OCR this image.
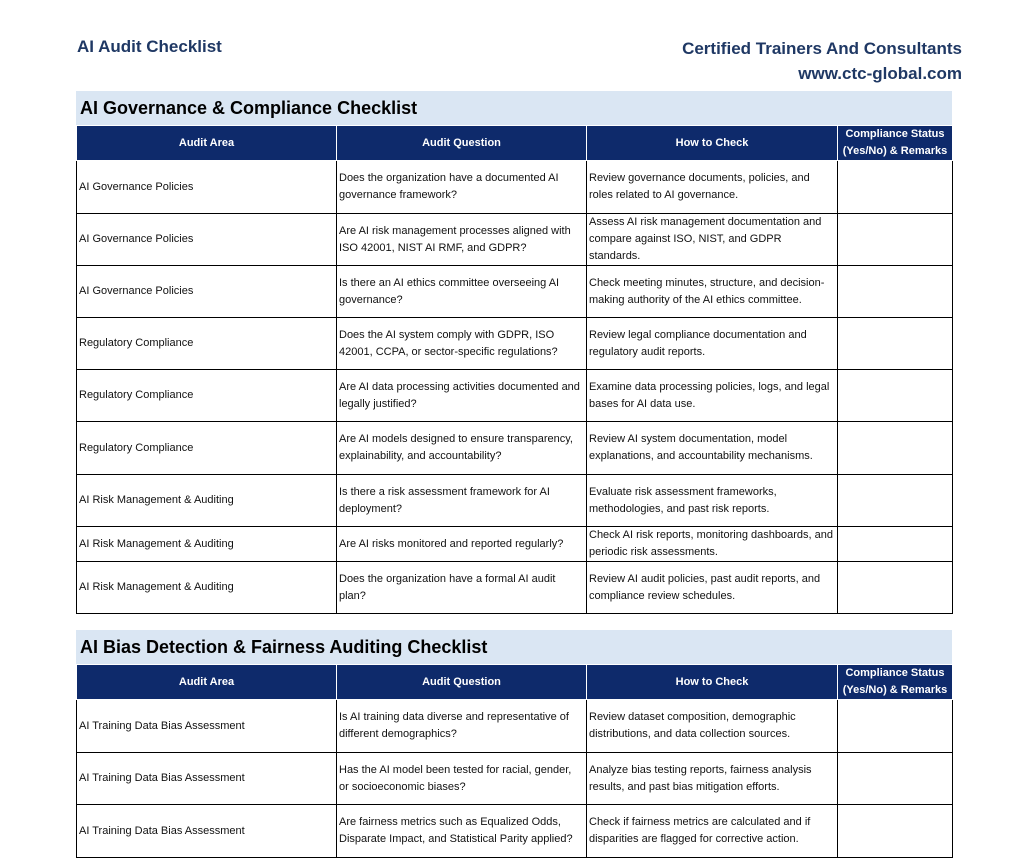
AI Audit Checklist	Certified Trainers And Consultants
www.ctc-global.com
AI Governance & Compliance Checklist
Audit Area	Audit Question	How to Check	Compliance Status (Yes/No) & Remarks
AI Governance Policies	Does the organization have a documented AI governance framework?	Review governance documents, policies, and roles related to AI governance.	
AI Governance Policies	Are AI risk management processes aligned with ISO 42001, NIST AI RMF, and GDPR?	Assess AI risk management documentation and compare against ISO, NIST, and GDPR standards.	
AI Governance Policies	Is there an AI ethics committee overseeing AI governance?	Check meeting minutes, structure, and decision-making authority of the AI ethics committee.	
Regulatory Compliance	Does the AI system comply with GDPR, ISO 42001, CCPA, or sector-specific regulations?	Review legal compliance documentation and regulatory audit reports.	
Regulatory Compliance	Are AI data processing activities documented and legally justified?	Examine data processing policies, logs, and legal bases for AI data use.	
Regulatory Compliance	Are AI models designed to ensure transparency, explainability, and accountability?	Review AI system documentation, model explanations, and accountability mechanisms.	
AI Risk Management & Auditing	Is there a risk assessment framework for AI deployment?	Evaluate risk assessment frameworks, methodologies, and past risk reports.	
AI Risk Management & Auditing	Are AI risks monitored and reported regularly?	Check AI risk reports, monitoring dashboards, and periodic risk assessments.	
AI Risk Management & Auditing	Does the organization have a formal AI audit plan?	Review AI audit policies, past audit reports, and compliance review schedules.	
AI Bias Detection & Fairness Auditing Checklist
Audit Area	Audit Question	How to Check	Compliance Status (Yes/No) & Remarks
AI Training Data Bias Assessment	Is AI training data diverse and representative of different demographics?	Review dataset composition, demographic distributions, and data collection sources.	
AI Training Data Bias Assessment	Has the AI model been tested for racial, gender, or socioeconomic biases?	Analyze bias testing reports, fairness analysis results, and past bias mitigation efforts.	
AI Training Data Bias Assessment	Are fairness metrics such as Equalized Odds, Disparate Impact, and Statistical Parity applied?	Check if fairness metrics are calculated and if disparities are flagged for corrective action.	
